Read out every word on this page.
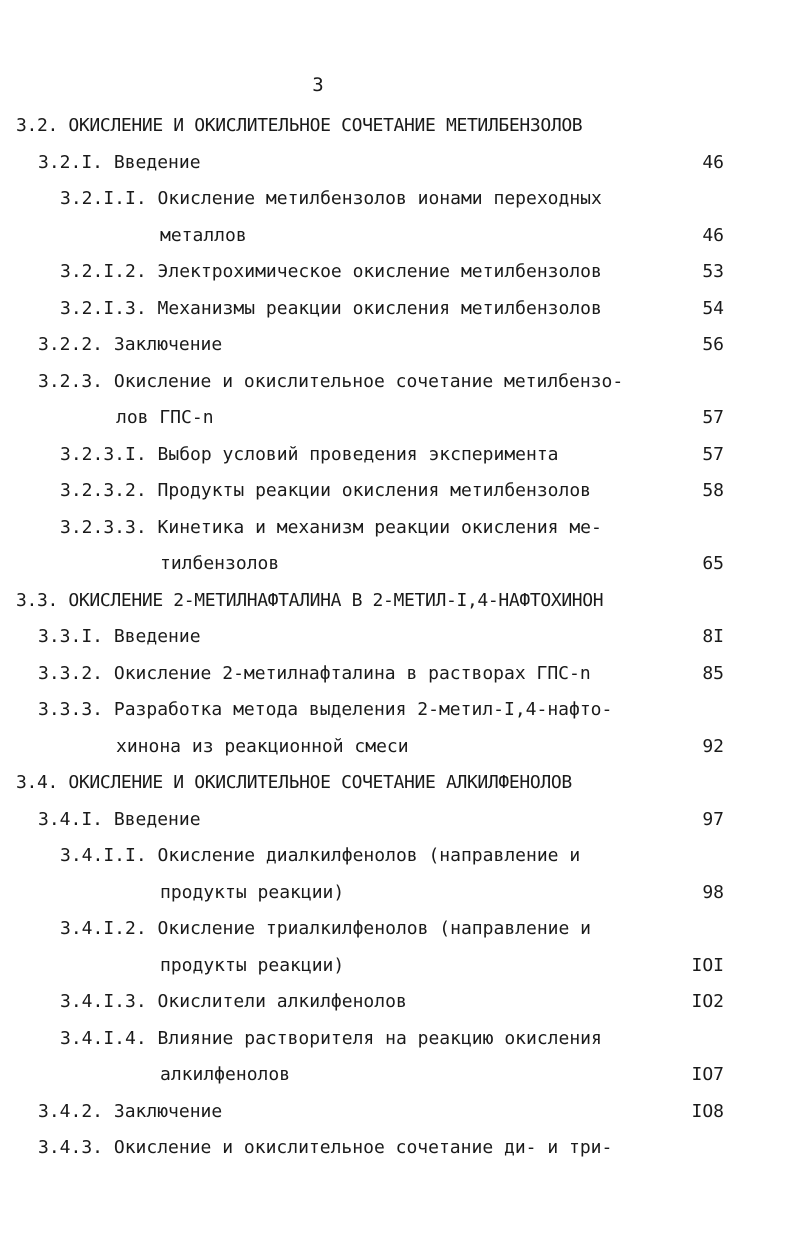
3
3.2. ОКИСЛЕНИЕ И ОКИСЛИТЕЛЬНОЕ СОЧЕТАНИЕ МЕТИЛБЕНЗОЛОВ
3.2.I. Введение	46
3.2.I.I. Окисление метилбензолов ионами переходных
металлов	46
3.2.I.2. Электрохимическое окисление метилбензолов	53
3.2.I.3. Механизмы реакции окисления метилбензолов	54
3.2.2. Заключение	56
3.2.3. Окисление и окислительное сочетание метилбензо-
лов ГПС-n	57
3.2.3.I. Выбор условий проведения эксперимента	57
3.2.3.2. Продукты реакции окисления метилбензолов	58
3.2.3.3. Кинетика и механизм реакции окисления ме-
тилбензолов	65
3.3. ОКИСЛЕНИЕ 2-МЕТИЛНАФТАЛИНА В 2-МЕТИЛ-I,4-НАФТОХИНОН
3.3.I. Введение	8I
3.3.2. Окисление 2-метилнафталина в растворах ГПС-n	85
3.3.3. Разработка метода выделения 2-метил-I,4-нафто-
хинона из реакционной смеси	92
3.4. ОКИСЛЕНИЕ И ОКИСЛИТЕЛЬНОЕ СОЧЕТАНИЕ АЛКИЛФЕНОЛОВ
3.4.I. Введение	97
3.4.I.I. Окисление диалкилфенолов (направление и
продукты реакции)	98
3.4.I.2. Окисление триалкилфенолов (направление и
продукты реакции)	IOI
3.4.I.3. Окислители алкилфенолов	IO2
3.4.I.4. Влияние растворителя на реакцию окисления
алкилфенолов	IO7
3.4.2. Заключение	IO8
3.4.3. Окисление и окислительное сочетание ди- и три-
